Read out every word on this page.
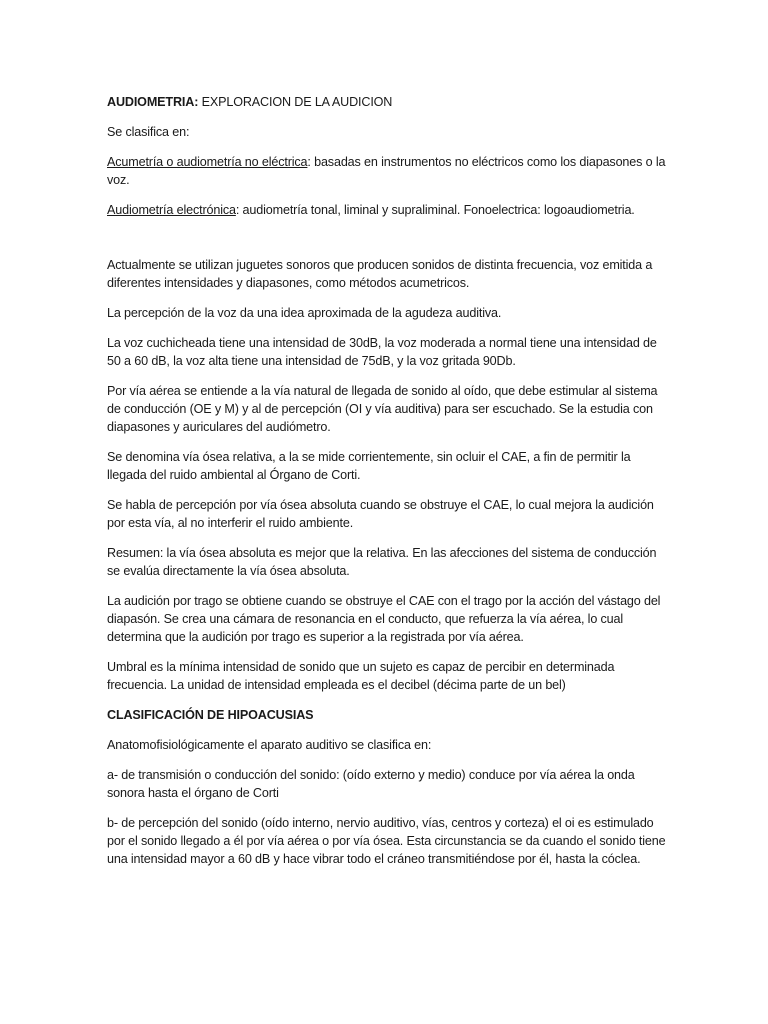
AUDIOMETRIA: EXPLORACION DE LA AUDICION

Se clasifica en:

Acumetría o audiometría no eléctrica: basadas en instrumentos no eléctricos como los diapasones o la voz.

Audiometría electrónica: audiometría tonal, liminal y supraliminal. Fonoelectrica: logoaudiometria.

Actualmente se utilizan juguetes sonoros que producen sonidos de distinta frecuencia, voz emitida a diferentes intensidades y diapasones, como métodos acumetricos.

La percepción de la voz da una idea aproximada de la agudeza auditiva.

La voz cuchicheada tiene una intensidad de 30dB, la voz moderada a normal tiene una intensidad de 50 a 60 dB, la voz alta tiene una intensidad de 75dB, y la voz gritada 90Db.

Por vía aérea se entiende a la vía natural de llegada de sonido al oído, que debe estimular al sistema de conducción (OE y M) y al de percepción (OI y vía auditiva) para ser escuchado. Se la estudia con diapasones y auriculares del audiómetro.

Se denomina vía ósea relativa, a la se mide corrientemente, sin ocluir el CAE, a fin de permitir la llegada del ruido ambiental al Órgano de Corti.

Se habla de percepción por vía ósea absoluta cuando se obstruye el CAE, lo cual mejora la audición por esta vía, al no interferir el ruido ambiente.

Resumen: la vía ósea absoluta es mejor que la relativa. En las afecciones del sistema de conducción se evalúa directamente la vía ósea absoluta.

La audición por trago se obtiene cuando se obstruye el CAE con el trago por la acción del vástago del diapasón. Se crea una cámara de resonancia en el conducto, que refuerza la vía aérea, lo cual determina que la audición por trago es superior a la registrada por vía aérea.

Umbral es la mínima intensidad de sonido que un sujeto es capaz de percibir en determinada frecuencia. La unidad de intensidad empleada es el decibel (décima parte de un bel)

CLASIFICACIÓN DE HIPOACUSIAS

Anatomofisiológicamente el aparato auditivo se clasifica en:

a- de transmisión o conducción del sonido: (oído externo y medio) conduce por vía aérea la onda sonora hasta el órgano de Corti

b- de percepción del sonido (oído interno, nervio auditivo, vías, centros y corteza) el oi es estimulado por el sonido llegado a él por vía aérea o por vía ósea. Esta circunstancia se da cuando el sonido tiene una intensidad mayor a 60 dB y hace vibrar todo el cráneo transmitiéndose por él, hasta la cóclea.
